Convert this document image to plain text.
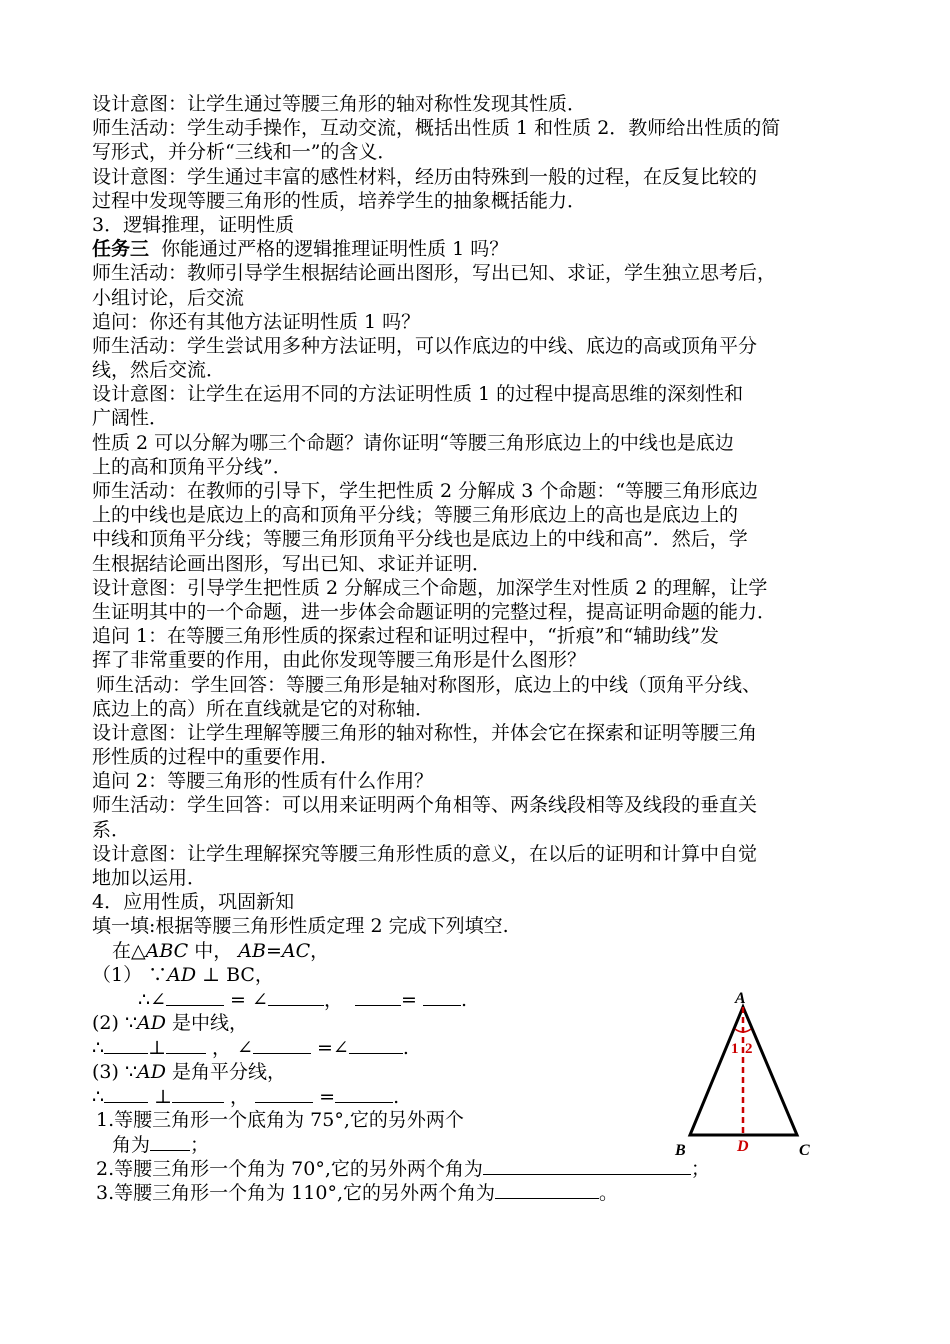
设计意图：让学生通过等腰三角形的轴对称性发现其性质．
师生活动：学生动手操作，互动交流，概括出性质 1 和性质 2．教师给出性质的简
写形式，并分析“三线和一”的含义．
设计意图：学生通过丰富的感性材料，经历由特殊到一般的过程，在反复比较的
过程中发现等腰三角形的性质，培养学生的抽象概括能力．
3．逻辑推理，证明性质
任务三 你能通过严格的逻辑推理证明性质 1 吗？
师生活动：教师引导学生根据结论画出图形，写出已知、求证，学生独立思考后，
小组讨论，后交流
追问：你还有其他方法证明性质 1 吗？
师生活动：学生尝试用多种方法证明，可以作底边的中线、底边的高或顶角平分
线，然后交流．
设计意图：让学生在运用不同的方法证明性质 1 的过程中提高思维的深刻性和
广阔性．
性质 2 可以分解为哪三个命题？请你证明“等腰三角形底边上的中线也是底边
上的高和顶角平分线”．
师生活动：在教师的引导下，学生把性质 2 分解成 3 个命题：“等腰三角形底边
上的中线也是底边上的高和顶角平分线；等腰三角形底边上的高也是底边上的
中线和顶角平分线；等腰三角形顶角平分线也是底边上的中线和高”．然后，学
生根据结论画出图形，写出已知、求证并证明．
设计意图：引导学生把性质 2 分解成三个命题，加深学生对性质 2 的理解，让学
生证明其中的一个命题，进一步体会命题证明的完整过程，提高证明命题的能力．
追问 1：在等腰三角形性质的探索过程和证明过程中，“折痕”和“辅助线”发
挥了非常重要的作用，由此你发现等腰三角形是什么图形？
师生活动：学生回答：等腰三角形是轴对称图形，底边上的中线（顶角平分线、
底边上的高）所在直线就是它的对称轴．
设计意图：让学生理解等腰三角形的轴对称性，并体会它在探索和证明等腰三角
形性质的过程中的重要作用．
追问 2：等腰三角形的性质有什么作用？
师生活动：学生回答：可以用来证明两个角相等、两条线段相等及线段的垂直关
系．
设计意图：让学生理解探究等腰三角形性质的意义，在以后的证明和计算中自觉
地加以运用．
4．应用性质，巩固新知
填一填:根据等腰三角形性质定理 2 完成下列填空.
在△ABC 中， AB=AC，
（1） ∵AD ⊥ BC，
∴∠	= ∠	，	= .
(2) ∵AD 是中线，
∴ ⊥ ， ∠	=∠	.
(3) ∵AD 是角平分线，
∴ ⊥	，	=	.
1.等腰三角形一个底角为 75°,它的另外两个
角为 ；
2.等腰三角形一个角为 70°,它的另外两个角为	；
3.等腰三角形一个角为 110°,它的另外两个角为	。
A
B	C
D
1 2
